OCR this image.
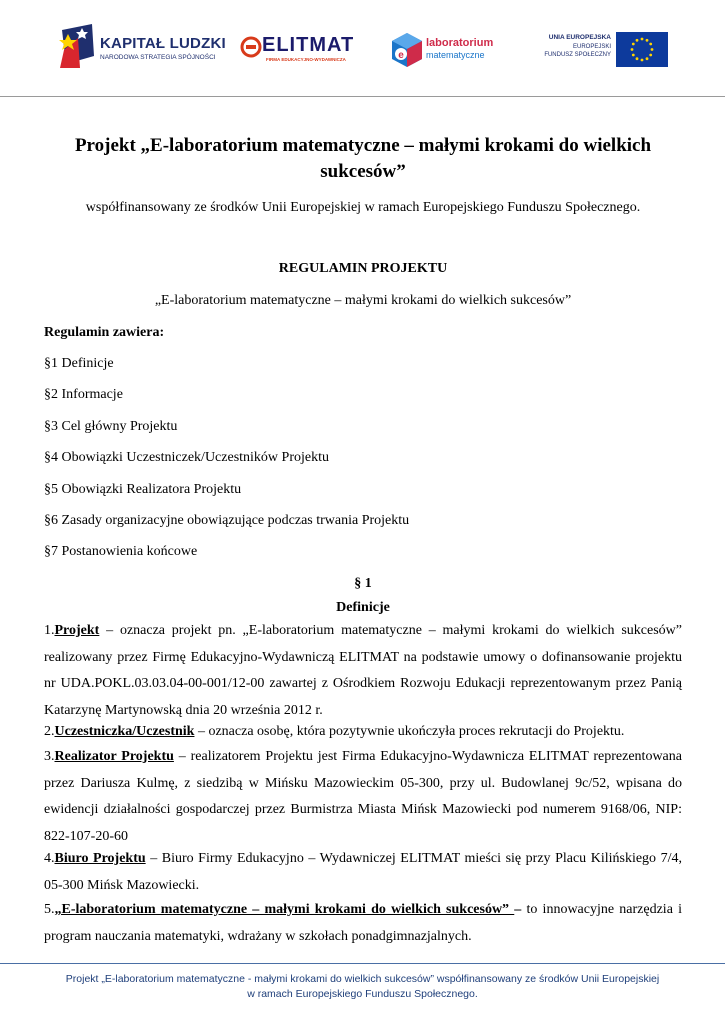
KAPITAŁ LUDZKI
NARODOWA STRATEGIA SPÓJNOŚCI
ELITMAT
FIRMA EDUKACYJNO-WYDAWNICZA	e
laboratorium
matematyczne
UNIA EUROPEJSKA
EUROPEJSKI
FUNDUSZ SPOŁECZNY
Projekt „E-laboratorium matematyczne – małymi krokami do wielkich
sukcesów”
współfinansowany ze środków Unii Europejskiej w ramach Europejskiego Funduszu Społecznego.
REGULAMIN PROJEKTU
„E-laboratorium matematyczne – małymi krokami do wielkich sukcesów”
Regulamin zawiera:
§1 Definicje
§2 Informacje
§3 Cel główny Projektu
§4 Obowiązki Uczestniczek/Uczestników Projektu
§5 Obowiązki Realizatora Projektu
§6 Zasady organizacyjne obowiązujące podczas trwania Projektu
§7 Postanowienia końcowe
§ 1
Definicje
1.Projekt – oznacza projekt pn. „E-laboratorium matematyczne – małymi krokami do wielkich sukcesów” realizowany przez Firmę Edukacyjno-Wydawniczą ELITMAT na podstawie umowy o dofinansowanie projektu nr UDA.POKL.03.03.04-00-001/12-00 zawartej z Ośrodkiem Rozwoju Edukacji reprezentowanym przez Panią Katarzynę Martynowską dnia 20 września 2012 r.
2.Uczestniczka/Uczestnik – oznacza osobę, która pozytywnie ukończyła proces rekrutacji do Projektu.
3.Realizator Projektu – realizatorem Projektu jest Firma Edukacyjno-Wydawnicza ELITMAT reprezentowana przez Dariusza Kulmę, z siedzibą w Mińsku Mazowieckim 05-300, przy ul. Budowlanej 9c/52, wpisana do ewidencji działalności gospodarczej przez Burmistrza Miasta Mińsk Mazowiecki pod numerem 9168/06, NIP: 822-107-20-60
4.Biuro Projektu – Biuro Firmy Edukacyjno – Wydawniczej ELITMAT mieści się przy Placu Kilińskiego 7/4, 05-300 Mińsk Mazowiecki.
5.„E-laboratorium matematyczne – małymi krokami do wielkich sukcesów” – to innowacyjne narzędzia i program nauczania matematyki, wdrażany w szkołach ponadgimnazjalnych.
Projekt „E-laboratorium matematyczne - małymi krokami do wielkich sukcesów” współfinansowany ze środków Unii Europejskiej
w ramach Europejskiego Funduszu Społecznego.
